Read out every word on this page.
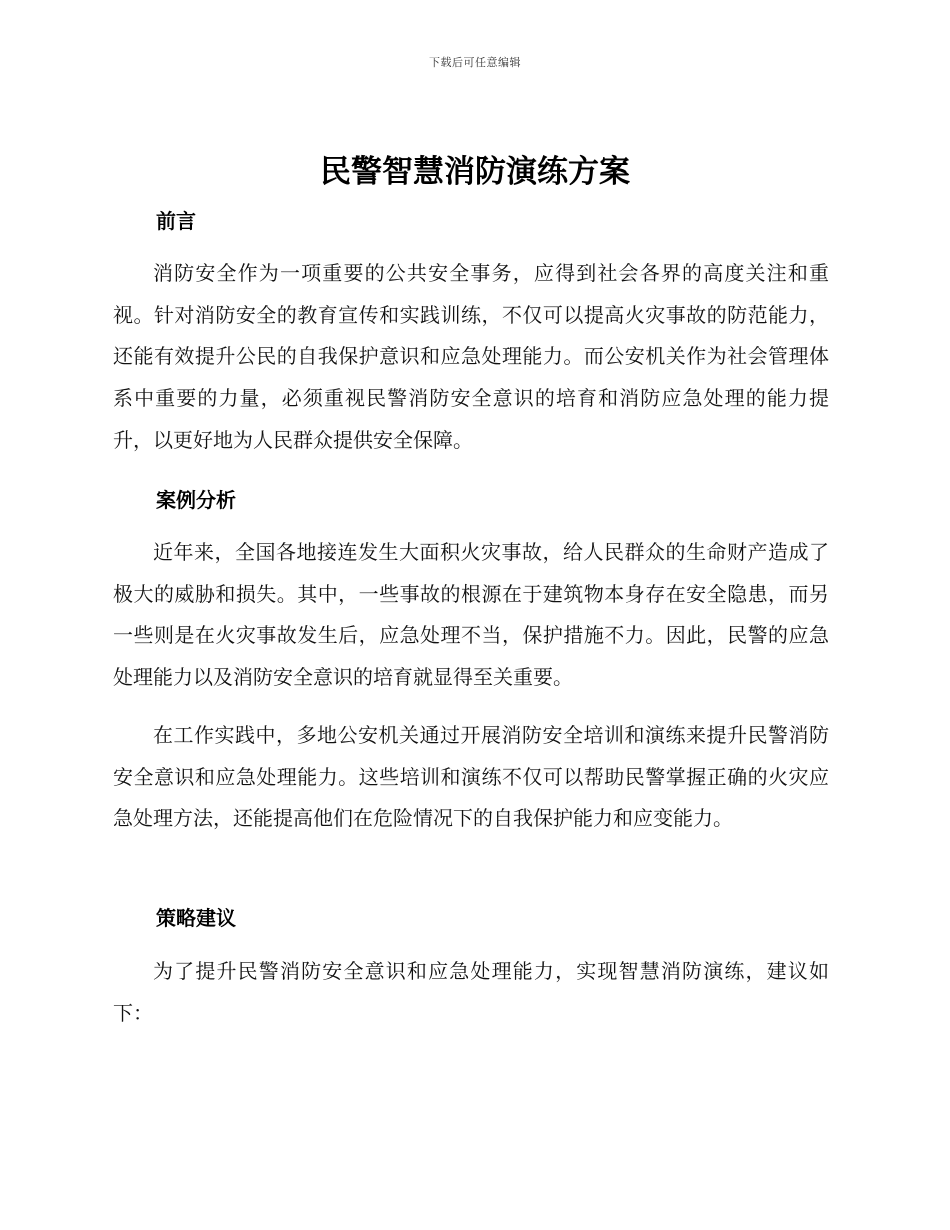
下载后可任意编辑
民警智慧消防演练方案
前言

消防安全作为一项重要的公共安全事务，应得到社会各界的高度关注和重视。针对消防安全的教育宣传和实践训练，不仅可以提高火灾事故的防范能力，还能有效提升公民的自我保护意识和应急处理能力。而公安机关作为社会管理体系中重要的力量，必须重视民警消防安全意识的培育和消防应急处理的能力提升，以更好地为人民群众提供安全保障。

案例分析

近年来，全国各地接连发生大面积火灾事故，给人民群众的生命财产造成了极大的威胁和损失。其中，一些事故的根源在于建筑物本身存在安全隐患，而另一些则是在火灾事故发生后，应急处理不当，保护措施不力。因此，民警的应急处理能力以及消防安全意识的培育就显得至关重要。

在工作实践中，多地公安机关通过开展消防安全培训和演练来提升民警消防安全意识和应急处理能力。这些培训和演练不仅可以帮助民警掌握正确的火灾应急处理方法，还能提高他们在危险情况下的自我保护能力和应变能力。

策略建议

为了提升民警消防安全意识和应急处理能力，实现智慧消防演练，建议如下：
